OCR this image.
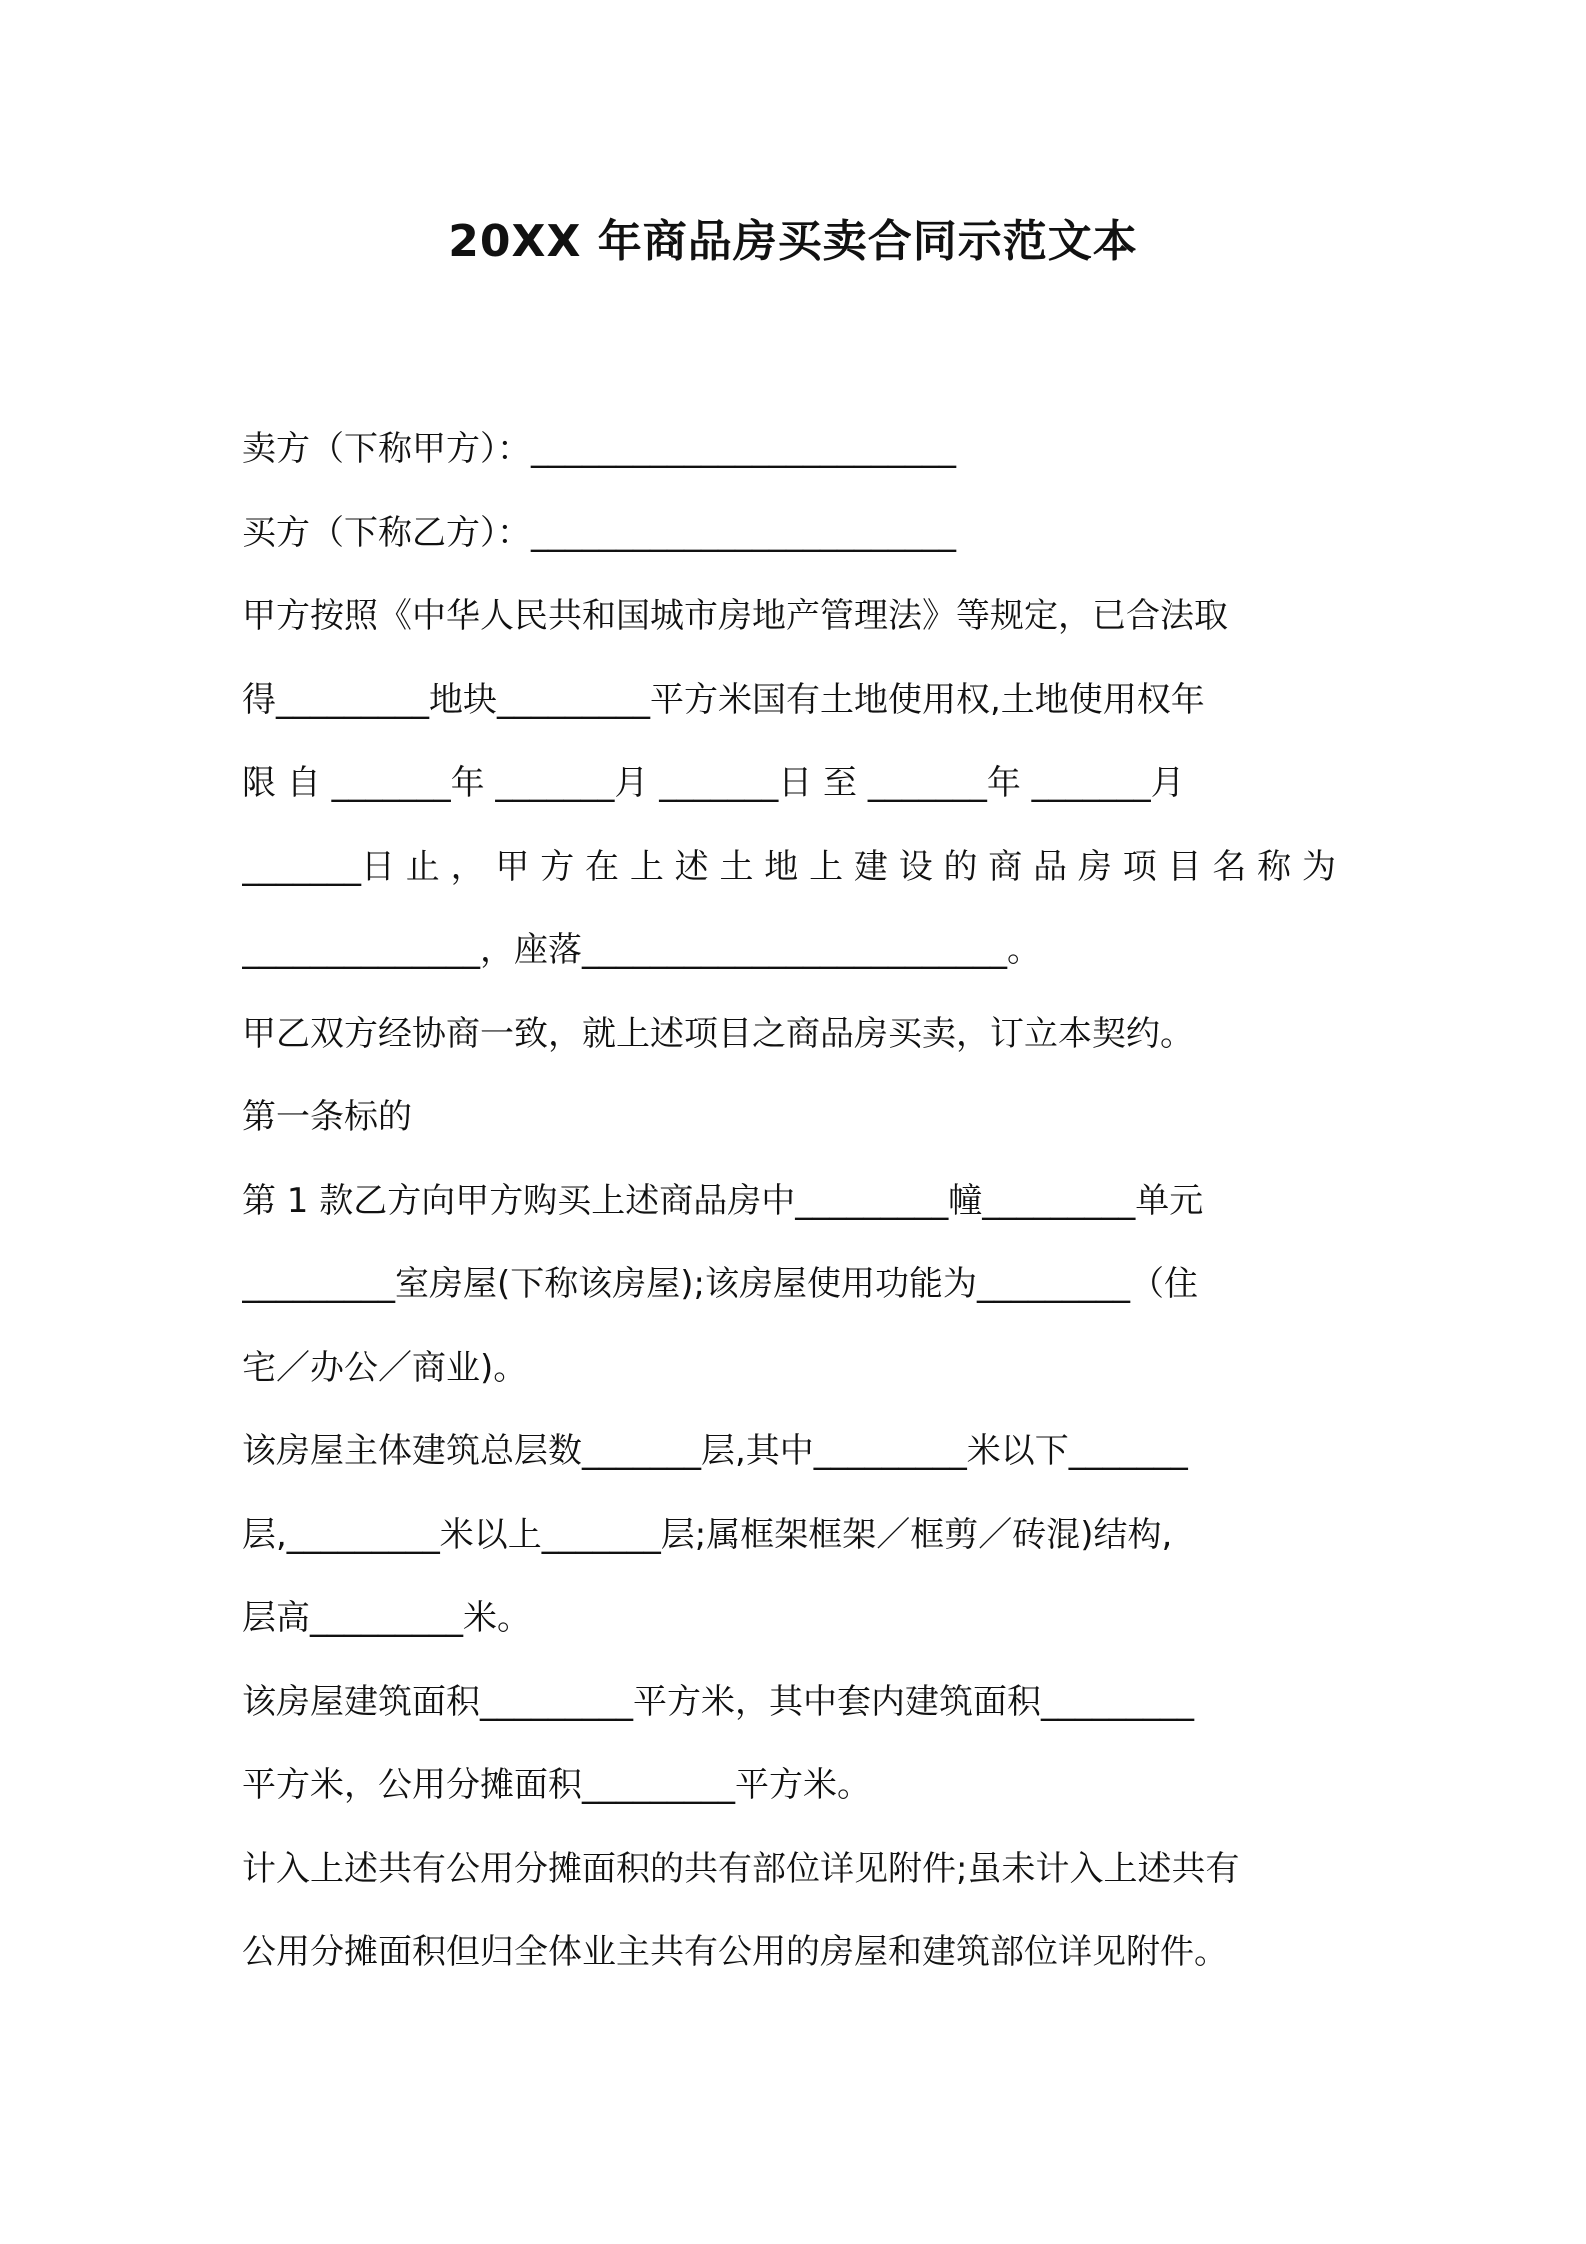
20XX 年商品房买卖合同示范文本
卖方（下称甲方）：_________________________
买方（下称乙方）：_________________________
甲方按照《中华人民共和国城市房地产管理法》等规定，已合法取
得_________地块_________平方米国有土地使用权,土地使用权年
限 自 _______年 _______月 _______日 至 _______年 _______月
_______日 止 ， 甲 方 在 上 述 土 地 上 建 设 的 商 品 房 项 目 名 称 为
______________，座落_________________________。
甲乙双方经协商一致，就上述项目之商品房买卖，订立本契约。
第一条标的
第 1 款乙方向甲方购买上述商品房中_________幢_________单元
_________室房屋(下称该房屋);该房屋使用功能为_________（住
宅／办公／商业)。
该房屋主体建筑总层数_______层,其中_________米以下_______
层,_________米以上_______层;属框架框架／框剪／砖混)结构,
层高_________米。
该房屋建筑面积_________平方米，其中套内建筑面积_________
平方米，公用分摊面积_________平方米。
计入上述共有公用分摊面积的共有部位详见附件;虽未计入上述共有
公用分摊面积但归全体业主共有公用的房屋和建筑部位详见附件。
